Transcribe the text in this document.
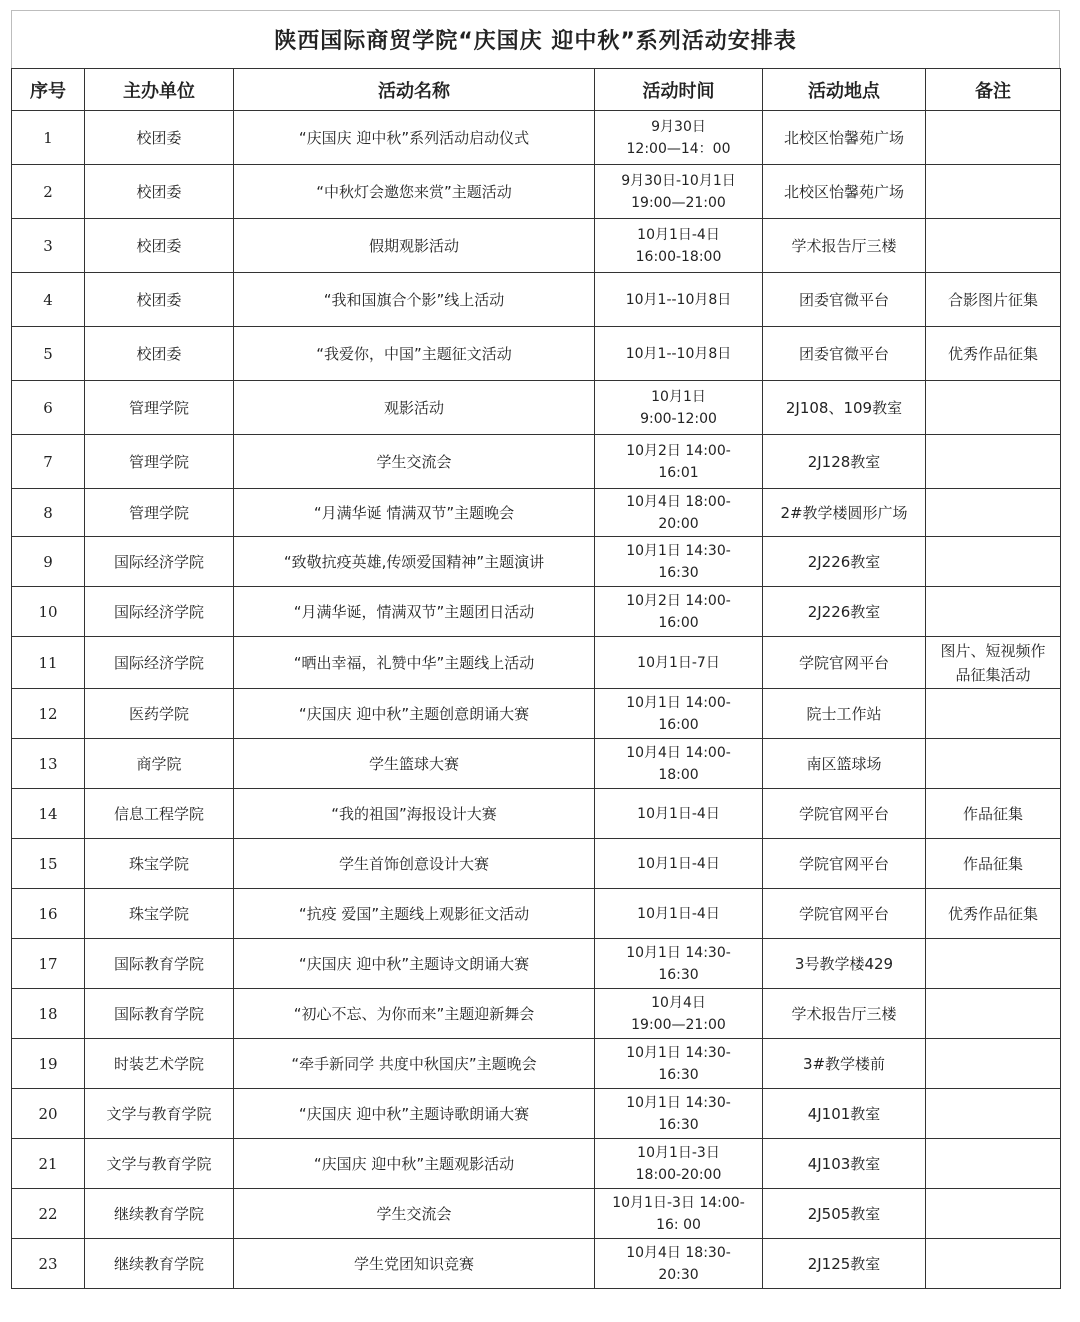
陕西国际商贸学院“庆国庆 迎中秋”系列活动安排表
序号	主办单位	活动名称	活动时间	活动地点	备注
1	校团委	“庆国庆 迎中秋”系列活动启动仪式	9月30日
12:00—14：00	北校区怡馨苑广场	
2	校团委	“中秋灯会邀您来赏”主题活动	9月30日-10月1日
19:00—21:00	北校区怡馨苑广场	
3	校团委	假期观影活动	10月1日-4日
16:00-18:00	学术报告厅三楼	
4	校团委	“我和国旗合个影”线上活动	10月1--10月8日	团委官微平台	合影图片征集
5	校团委	“我爱你，中国”主题征文活动	10月1--10月8日	团委官微平台	优秀作品征集
6	管理学院	观影活动	10月1日
9:00-12:00	2J108、109教室	
7	管理学院	学生交流会	10月2日 14:00-
16:01	2J128教室	
8	管理学院	“月满华诞 情满双节”主题晚会	10月4日 18:00-
20:00	2#教学楼圆形广场	
9	国际经济学院	“致敬抗疫英雄,传颂爱国精神”主题演讲	10月1日 14:30-
16:30	2J226教室	
10	国际经济学院	“月满华诞，情满双节”主题团日活动	10月2日 14:00-
16:00	2J226教室	
11	国际经济学院	“晒出幸福，礼赞中华”主题线上活动	10月1日-7日	学院官网平台	图片、短视频作
品征集活动
12	医药学院	“庆国庆 迎中秋”主题创意朗诵大赛	10月1日 14:00-
16:00	院士工作站	
13	商学院	学生篮球大赛	10月4日 14:00-
18:00	南区篮球场	
14	信息工程学院	“我的祖国”海报设计大赛	10月1日-4日	学院官网平台	作品征集
15	珠宝学院	学生首饰创意设计大赛	10月1日-4日	学院官网平台	作品征集
16	珠宝学院	“抗疫 爱国”主题线上观影征文活动	10月1日-4日	学院官网平台	优秀作品征集
17	国际教育学院	“庆国庆 迎中秋”主题诗文朗诵大赛	10月1日 14:30-
16:30	3号教学楼429	
18	国际教育学院	“初心不忘、为你而来”主题迎新舞会	10月4日
19:00—21:00	学术报告厅三楼	
19	时装艺术学院	“牵手新同学 共度中秋国庆”主题晚会	10月1日 14:30-
16:30	3#教学楼前	
20	文学与教育学院	“庆国庆 迎中秋”主题诗歌朗诵大赛	10月1日 14:30-
16:30	4J101教室	
21	文学与教育学院	“庆国庆 迎中秋”主题观影活动	10月1日-3日
18:00-20:00	4J103教室	
22	继续教育学院	学生交流会	10月1日-3日 14:00-
16: 00	2J505教室	
23	继续教育学院	学生党团知识竞赛	10月4日 18:30-
20:30	2J125教室	
